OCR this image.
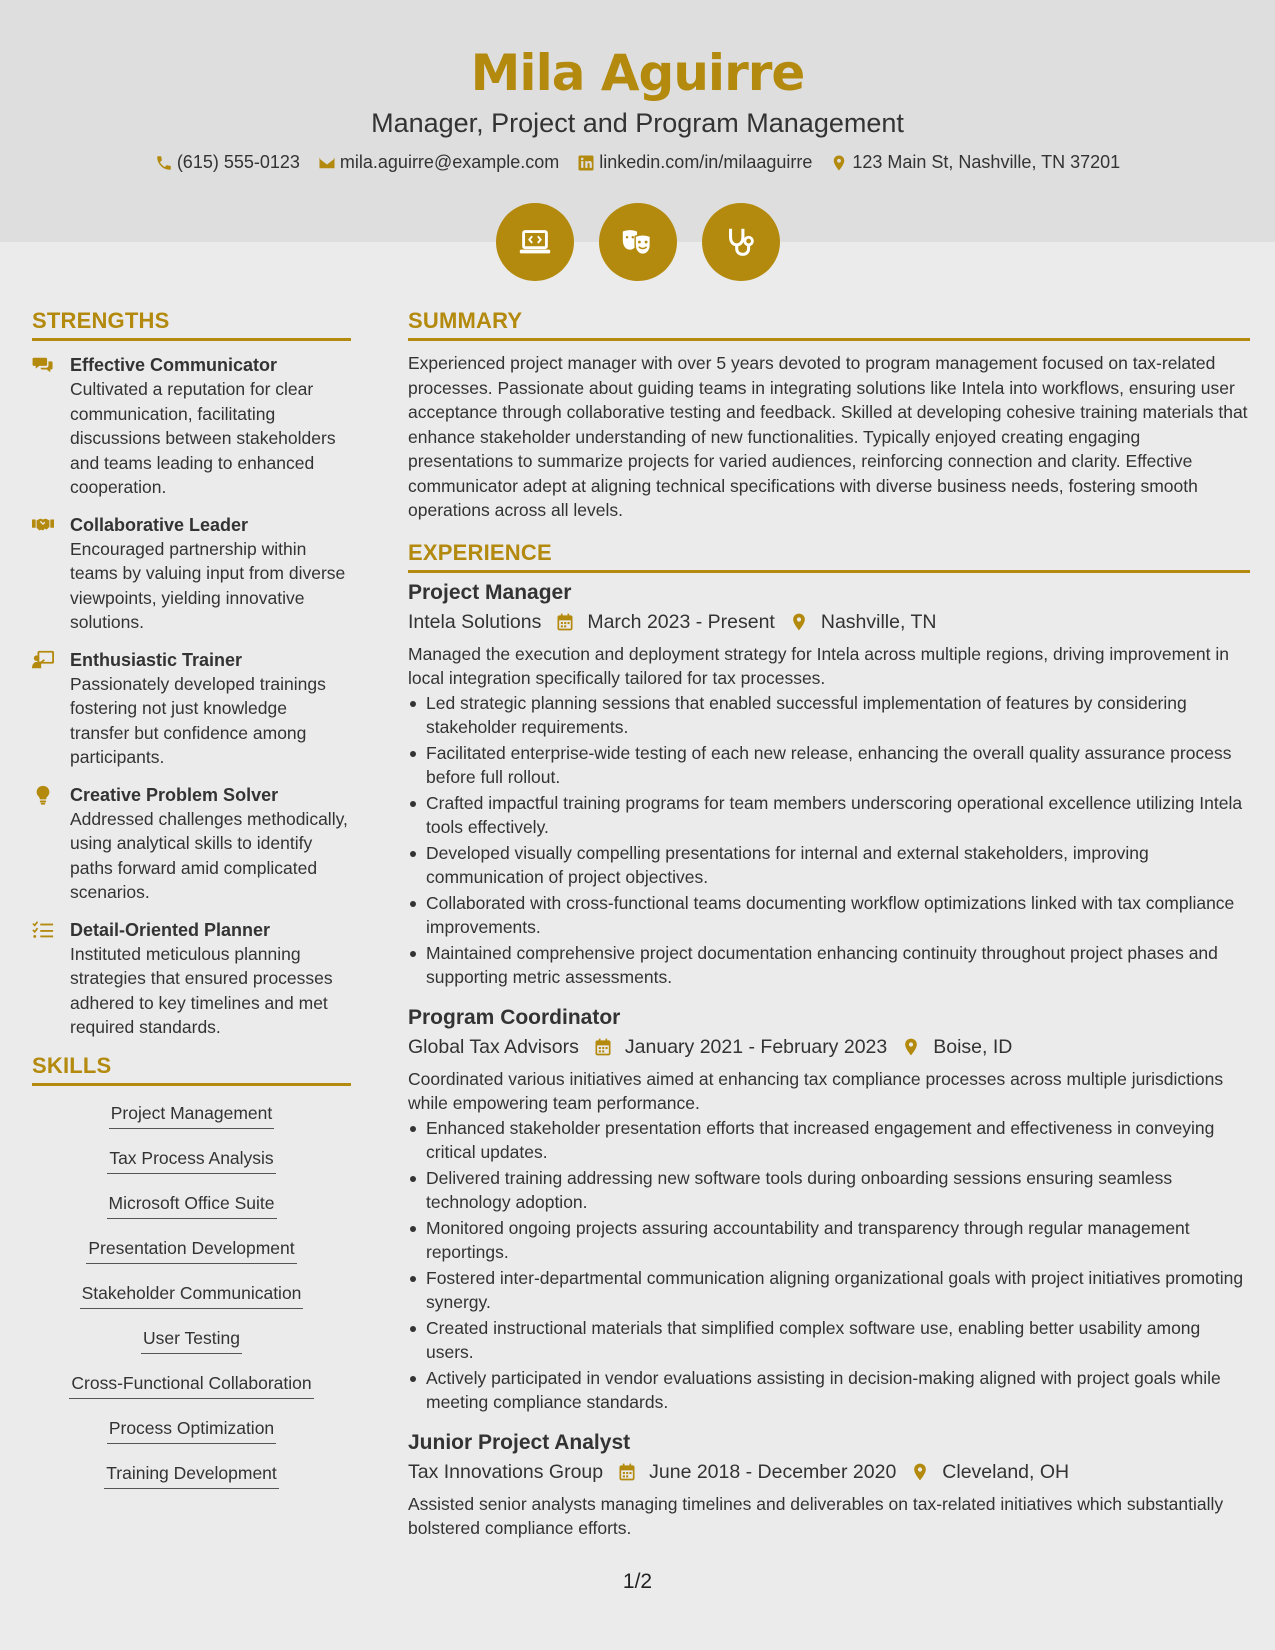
Mila Aguirre
Manager, Project and Program Management
(615) 555-0123 mila.aguirre@example.com linkedin.com/in/milaaguirre 123 Main St, Nashville, TN 37201
STRENGTHS
Effective Communicator

Cultivated a reputation for clear communication, facilitating discussions between stakeholders and teams leading to enhanced cooperation.

Collaborative Leader

Encouraged partnership within teams by valuing input from diverse viewpoints, yielding innovative solutions.

Enthusiastic Trainer

Passionately developed trainings fostering not just knowledge transfer but confidence among participants.

Creative Problem Solver

Addressed challenges methodically, using analytical skills to identify paths forward amid complicated scenarios.

Detail-Oriented Planner

Instituted meticulous planning strategies that ensured processes adhered to key timelines and met required standards.

SKILLS
Project Management
Tax Process Analysis
Microsoft Office Suite
Presentation Development
Stakeholder Communication
User Testing
Cross-Functional Collaboration
Process Optimization
Training Development
SUMMARY
Experienced project manager with over 5 years devoted to program management focused on tax-related processes. Passionate about guiding teams in integrating solutions like Intela into workflows, ensuring user acceptance through collaborative testing and feedback. Skilled at developing cohesive training materials that enhance stakeholder understanding of new functionalities. Typically enjoyed creating engaging presentations to summarize projects for varied audiences, reinforcing connection and clarity. Effective communicator adept at aligning technical specifications with diverse business needs, fostering smooth operations across all levels.
EXPERIENCE
Project Manager
Intela Solutions March 2023 - Present Nashville, TN
Managed the execution and deployment strategy for Intela across multiple regions, driving improvement in local integration specifically tailored for tax processes.
Led strategic planning sessions that enabled successful implementation of features by considering stakeholder requirements.
Facilitated enterprise-wide testing of each new release, enhancing the overall quality assurance process before full rollout.
Crafted impactful training programs for team members underscoring operational excellence utilizing Intela tools effectively.
Developed visually compelling presentations for internal and external stakeholders, improving communication of project objectives.
Collaborated with cross-functional teams documenting workflow optimizations linked with tax compliance improvements.
Maintained comprehensive project documentation enhancing continuity throughout project phases and supporting metric assessments.
Program Coordinator
Global Tax Advisors January 2021 - February 2023 Boise, ID
Coordinated various initiatives aimed at enhancing tax compliance processes across multiple jurisdictions while empowering team performance.
Enhanced stakeholder presentation efforts that increased engagement and effectiveness in conveying critical updates.
Delivered training addressing new software tools during onboarding sessions ensuring seamless technology adoption.
Monitored ongoing projects assuring accountability and transparency through regular management reportings.
Fostered inter-departmental communication aligning organizational goals with project initiatives promoting synergy.
Created instructional materials that simplified complex software use, enabling better usability among users.
Actively participated in vendor evaluations assisting in decision-making aligned with project goals while meeting compliance standards.
Junior Project Analyst
Tax Innovations Group June 2018 - December 2020 Cleveland, OH
Assisted senior analysts managing timelines and deliverables on tax-related initiatives which substantially bolstered compliance efforts.
1/2
